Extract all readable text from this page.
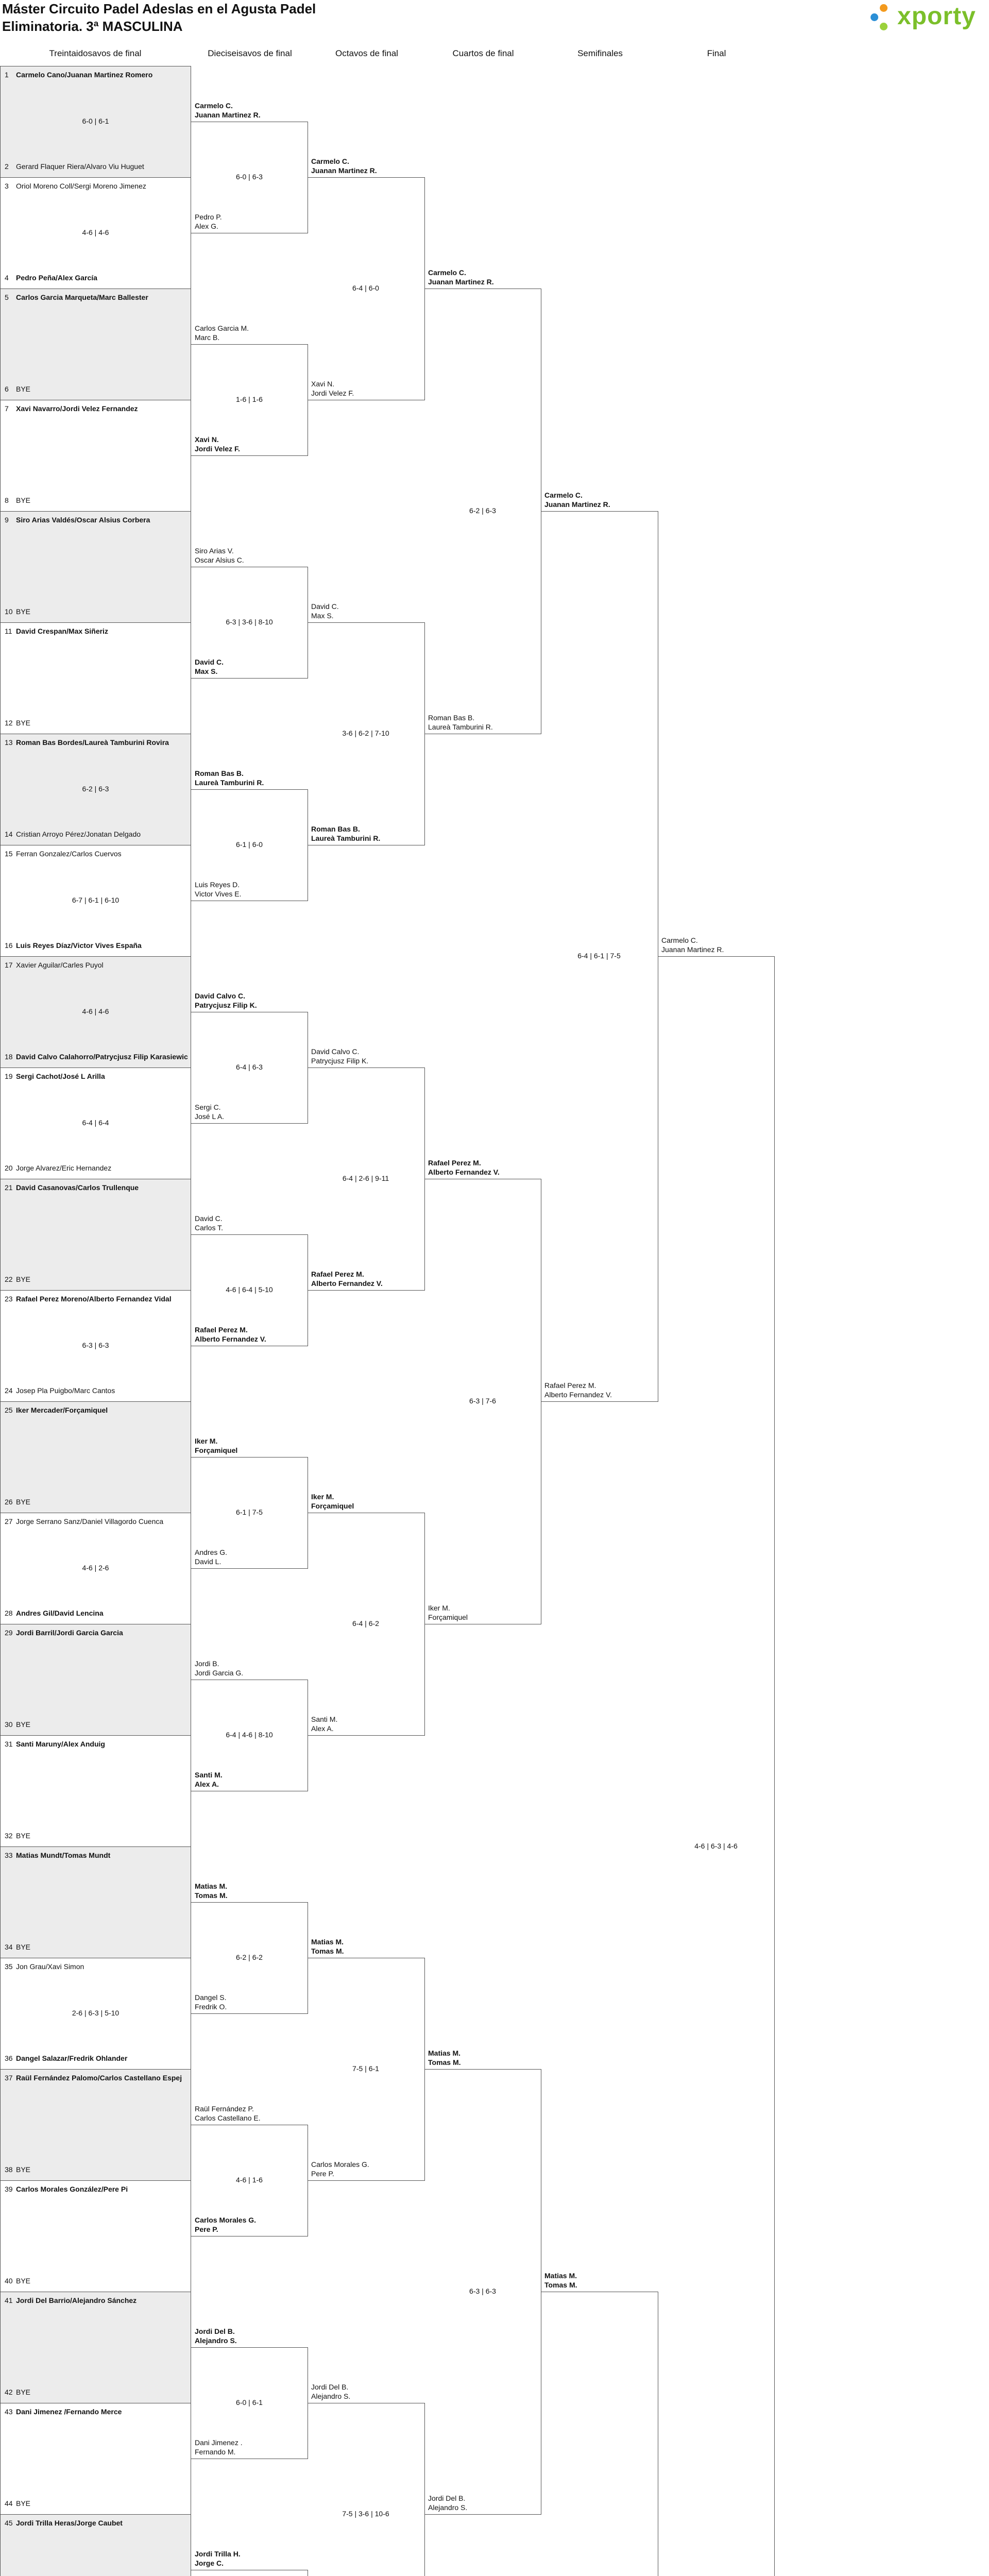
Máster Circuito Padel Adeslas en el Agusta Padel
Eliminatoria. 3ª MASCULINA	xporty
Treintaidosavos de final	Dieciseisavos de final	Octavos de final	Cuartos de final	Semifinales	Final
1 Carmelo Cano/Juanan Martinez Romero
2 Gerard Flaquer Riera/Alvaro Viu Huguet
6-0 | 6-1
3 Oriol Moreno Coll/Sergi Moreno Jimenez
4 Pedro Peña/Alex García
4-6 | 4-6
5 Carlos Garcia Marqueta/Marc Ballester
6 BYE
7 Xavi Navarro/Jordi Velez Fernandez
8 BYE
9 Siro Arias Valdés/Oscar Alsius Corbera
10 BYE
11 David Crespan/Max Siñeriz
12 BYE
13 Roman Bas Bordes/Laureà Tamburini Rovira
14 Cristian Arroyo Pérez/Jonatan Delgado
6-2 | 6-3
15 Ferran Gonzalez/Carlos Cuervos
16 Luis Reyes Díaz/Victor Vives España
6-7 | 6-1 | 6-10
17 Xavier Aguilar/Carles Puyol
18 David Calvo Calahorro/Patrycjusz Filip Karasiewic
4-6 | 4-6
19 Sergi Cachot/José L Arilla
20 Jorge Alvarez/Eric Hernandez
6-4 | 6-4
21 David Casanovas/Carlos Trullenque
22 BYE
23 Rafael Perez Moreno/Alberto Fernandez Vidal
24 Josep Pla Puigbo/Marc Cantos
6-3 | 6-3
25 Iker Mercader/Forçamiquel
26 BYE
27 Jorge Serrano Sanz/Daniel Villagordo Cuenca
28 Andres Gil/David Lencina
4-6 | 2-6
29 Jordi Barril/Jordi Garcia Garcia
30 BYE
31 Santi Maruny/Alex Anduig
32 BYE
33 Matias Mundt/Tomas Mundt
34 BYE
35 Jon Grau/Xavi Simon
36 Dangel Salazar/Fredrik Ohlander
2-6 | 6-3 | 5-10
37 Raül Fernández Palomo/Carlos Castellano Espej
38 BYE
39 Carlos Morales González/Pere Pi
40 BYE
41 Jordi Del Barrio/Alejandro Sánchez
42 BYE
43 Dani Jimenez /Fernando Merce
44 BYE
45 Jordi Trilla Heras/Jorge Caubet
Carmelo C.
Juanan Martinez R.
Pedro P.
Alex G.
6-0 | 6-3
Carlos Garcia M.
Marc B.
Xavi N.
Jordi Velez F.
1-6 | 1-6
Siro Arias V.
Oscar Alsius C.
David C.
Max S.
6-3 | 3-6 | 8-10
Roman Bas B.
Laureà Tamburini R.
Luis Reyes D.
Victor Vives E.
6-1 | 6-0
David Calvo C.
Patrycjusz Filip K.
Sergi C.
José L A.
6-4 | 6-3
David C.
Carlos T.
Rafael Perez M.
Alberto Fernandez V.
4-6 | 6-4 | 5-10
Iker M.
Forçamiquel
Andres G.
David L.
6-1 | 7-5
Jordi B.
Jordi Garcia G.
Santi M.
Alex A.
6-4 | 4-6 | 8-10
Matias M.
Tomas M.
Dangel S.
Fredrik O.
6-2 | 6-2
Raül Fernández P.
Carlos Castellano E.
Carlos Morales G.
Pere P.
4-6 | 1-6
Jordi Del B.
Alejandro S.
Dani Jimenez .
Fernando M.
6-0 | 6-1
Jordi Trilla H.
Jorge C.
Carmelo C.
Juanan Martinez R.
Xavi N.
Jordi Velez F.
6-4 | 6-0
David C.
Max S.
Roman Bas B.
Laureà Tamburini R.
3-6 | 6-2 | 7-10
David Calvo C.
Patrycjusz Filip K.
Rafael Perez M.
Alberto Fernandez V.
6-4 | 2-6 | 9-11
Iker M.
Forçamiquel
Santi M.
Alex A.
6-4 | 6-2
Matias M.
Tomas M.
Carlos Morales G.
Pere P.
7-5 | 6-1
Jordi Del B.
Alejandro S.
7-5 | 3-6 | 10-6
Carmelo C.
Juanan Martinez R.
Roman Bas B.
Laureà Tamburini R.
6-2 | 6-3
Rafael Perez M.
Alberto Fernandez V.
Iker M.
Forçamiquel
6-3 | 7-6
Matias M.
Tomas M.
Jordi Del B.
Alejandro S.
6-3 | 6-3
Carmelo C.
Juanan Martinez R.
Rafael Perez M.
Alberto Fernandez V.
6-4 | 6-1 | 7-5
Matias M.
Tomas M.
Carmelo C.
Juanan Martinez R.
4-6 | 6-3 | 4-6
